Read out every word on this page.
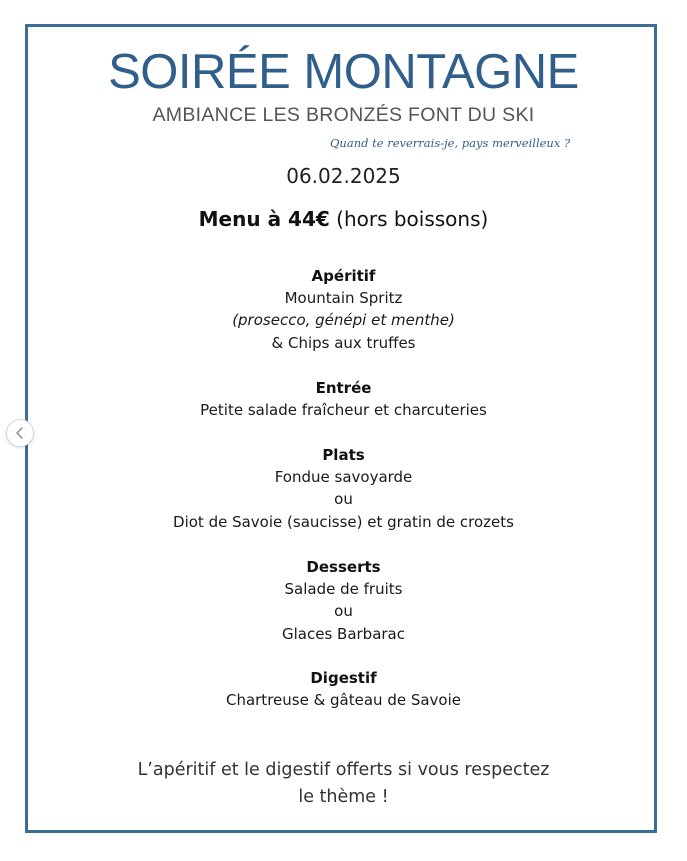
SOIRÉE MONTAGNE
AMBIANCE LES BRONZÉS FONT DU SKI
Quand te reverrais-je, pays merveilleux ?
06.02.2025
Menu à 44€ (hors boissons)
Apéritif
Mountain Spritz
(prosecco, génépi et menthe)
& Chips aux truffes
Entrée
Petite salade fraîcheur et charcuteries
Plats
Fondue savoyarde
ou
Diot de Savoie (saucisse) et gratin de crozets
Desserts
Salade de fruits
ou
Glaces Barbarac
Digestif
Chartreuse & gâteau de Savoie
L’apéritif et le digestif offerts si vous respectez
le thème !
